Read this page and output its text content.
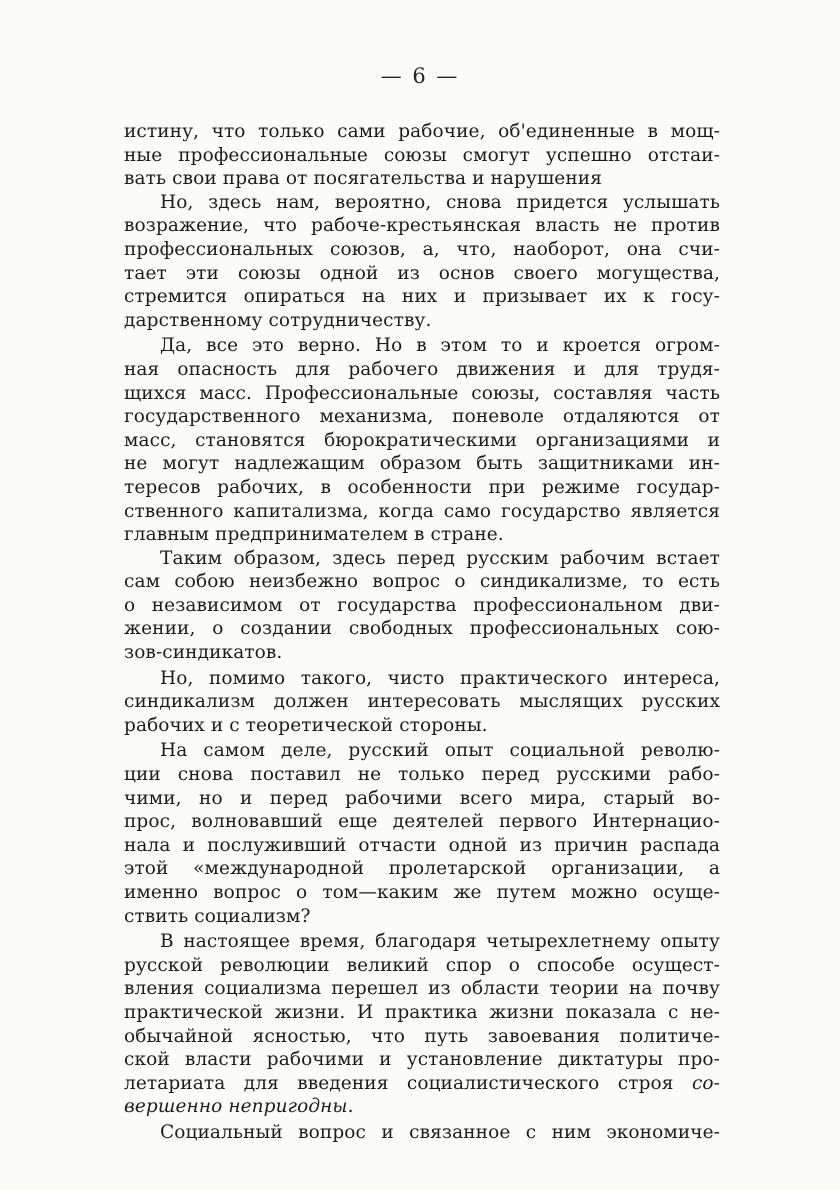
— 6 —
истину, что только сами рабочие, об'единенные в мощ-
ные профессиональные союзы смогут успешно отстаи-
вать свои права от посягательства и нарушения
Но, здесь нам, вероятно, снова придется услышать
возражение, что рабоче-крестьянская власть не против
профессиональных союзов, а, что, наоборот, она счи-
тает эти союзы одной из основ своего могущества,
стремится опираться на них и призывает их к госу-
дарственному сотрудничеству.
Да, все это верно. Но в этом то и кроется огром-
ная опасность для рабочего движения и для трудя-
щихся масс. Профессиональные союзы, составляя часть
государственного механизма, поневоле отдаляются от
масс, становятся бюрократическими организациями и
не могут надлежащим образом быть защитниками ин-
тересов рабочих, в особенности при режиме государ-
ственного капитализма, когда само государство является
главным предпринимателем в стране.
Таким образом, здесь перед русским рабочим встает
сам собою неизбежно вопрос о синдикализме, то есть
о независимом от государства профессиональном дви-
жении, о создании свободных профессиональных сою-
зов-синдикатов.
Но, помимо такого, чисто практического интереса,
синдикализм должен интересовать мыслящих русских
рабочих и с теоретической стороны.
На самом деле, русский опыт социальной револю-
ции снова поставил не только перед русскими рабо-
чими, но и перед рабочими всего мира, старый во-
прос, волновавший еще деятелей первого Интернацио-
нала и послуживший отчасти одной из причин распада
этой «международной пролетарской организации, а
именно вопрос о том—каким же путем можно осуще-
ствить социализм?
В настоящее время, благодаря четырехлетнему опыту
русской революции великий спор о способе осущест-
вления социализма перешел из области теории на почву
практической жизни. И практика жизни показала с не-
обычайной ясностью, что путь завоевания политиче-
ской власти рабочими и установление диктатуры про-
летариата для введения социалистического строя со-
вершенно непригодны.
Социальный вопрос и связанное с ним экономиче-
